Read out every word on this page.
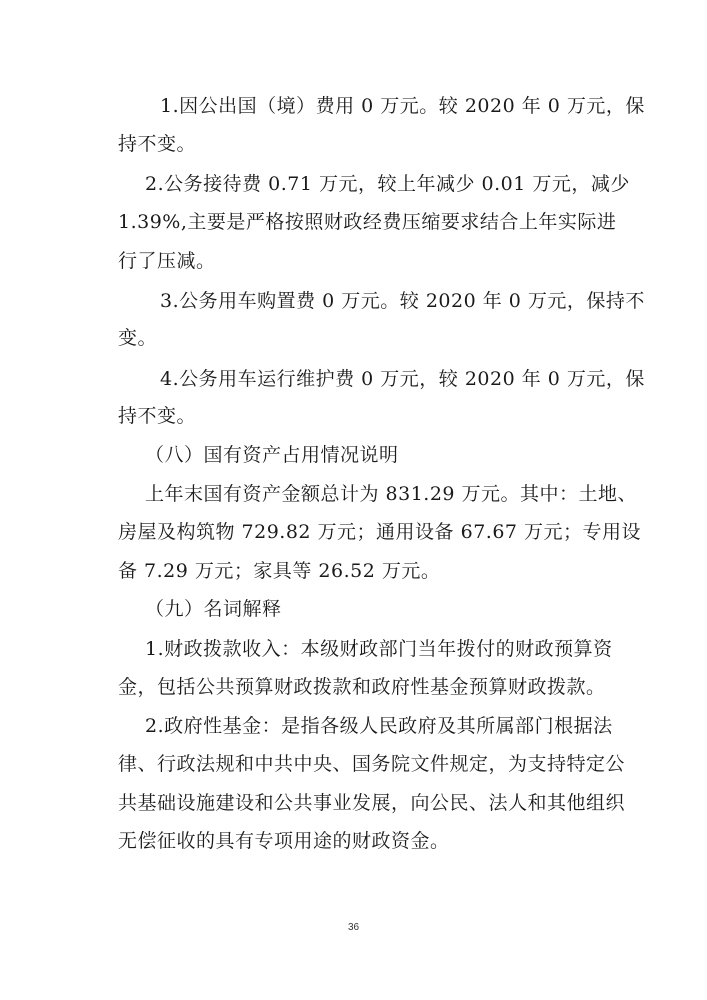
1.因公出国（境）费用 0 万元。较 2020 年 0 万元，保
持不变。
2.公务接待费 0.71 万元，较上年减少 0.01 万元，减少
1.39%,主要是严格按照财政经费压缩要求结合上年实际进
行了压减。
3.公务用车购置费 0 万元。较 2020 年 0 万元，保持不
变。
4.公务用车运行维护费 0 万元，较 2020 年 0 万元，保
持不变。
（八）国有资产占用情况说明
上年末国有资产金额总计为 831.29 万元。其中：土地、
房屋及构筑物 729.82 万元；通用设备 67.67 万元；专用设
备 7.29 万元；家具等 26.52 万元。
（九）名词解释
1.财政拨款收入：本级财政部门当年拨付的财政预算资
金，包括公共预算财政拨款和政府性基金预算财政拨款。
2.政府性基金：是指各级人民政府及其所属部门根据法
律、行政法规和中共中央、国务院文件规定，为支持特定公
共基础设施建设和公共事业发展，向公民、法人和其他组织
无偿征收的具有专项用途的财政资金。
36
